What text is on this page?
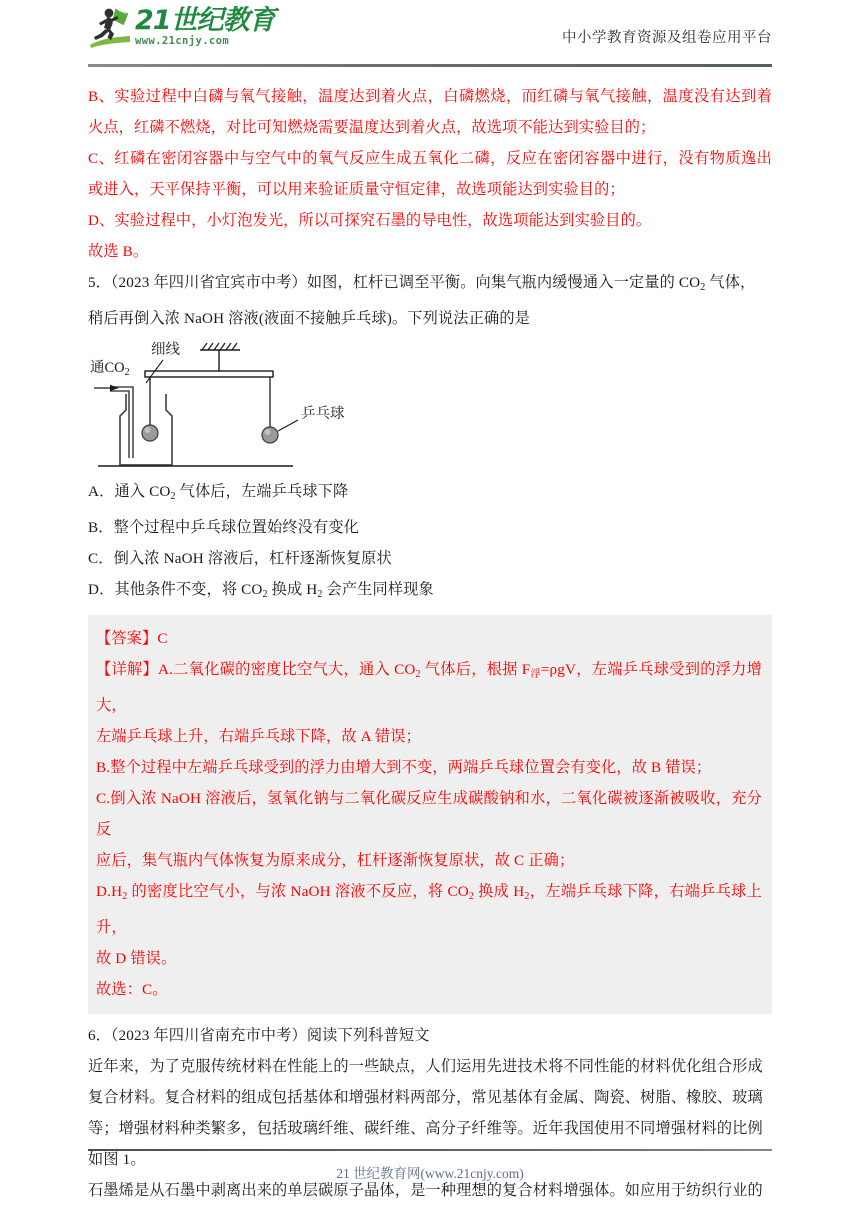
21世纪教育
www.21cnjy.com	中小学教育资源及组卷应用平台

B、实验过程中白磷与氧气接触，温度达到着火点，白磷燃烧，而红磷与氧气接触，温度没有达到着火点，红磷不燃烧，对比可知燃烧需要温度达到着火点，故选项不能达到实验目的；

C、红磷在密闭容器中与空气中的氧气反应生成五氧化二磷，反应在密闭容器中进行，没有物质逸出或进入，天平保持平衡，可以用来验证质量守恒定律，故选项能达到实验目的；

D、实验过程中，小灯泡发光，所以可探究石墨的导电性，故选项能达到实验目的。

故选 B。

5．（2023 年四川省宜宾市中考）如图，杠杆已调至平衡。向集气瓶内缓慢通入一定量的 $CO_2$ 气体，

稍后再倒入浓 NaOH 溶液(液面不接触乒乓球)。下列说法正确的是

通$CO_2$
细线
乒乓球

A．通入 $CO_2$ 气体后，左端乒乓球下降

B．整个过程中乒乓球位置始终没有变化

C．倒入浓 NaOH 溶液后，杠杆逐渐恢复原状

D．其他条件不变，将 $CO_2$ 换成 $H_2$ 会产生同样现象

【答案】C

【详解】A.二氧化碳的密度比空气大，通入 $CO_2$ 气体后，根据 $F_浮=\rho gV$，左端乒乓球受到的浮力增大，

左端乒乓球上升，右端乒乓球下降，故 A 错误；

B.整个过程中左端乒乓球受到的浮力由增大到不变，两端乒乓球位置会有变化，故 B 错误；

C.倒入浓 NaOH 溶液后，氢氧化钠与二氧化碳反应生成碳酸钠和水，二氧化碳被逐渐被吸收，充分反

应后，集气瓶内气体恢复为原来成分，杠杆逐渐恢复原状，故 C 正确；

$D.H_2$ 的密度比空气小，与浓 NaOH 溶液不反应，将 $CO_2$ 换成 $H_2$，左端乒乓球下降，右端乒乓球上升，

故 D 错误。

故选：C。

6．（2023 年四川省南充市中考）阅读下列科普短文

近年来，为了克服传统材料在性能上的一些缺点，人们运用先进技术将不同性能的材料优化组合形成

复合材料。复合材料的组成包括基体和增强材料两部分，常见基体有金属、陶瓷、树脂、橡胶、玻璃

等；增强材料种类繁多，包括玻璃纤维、碳纤维、高分子纤维等。近年我国使用不同增强材料的比例

如图 1。

石墨烯是从石墨中剥离出来的单层碳原子晶体，是一种理想的复合材料增强体。如应用于纺织行业的

21 世纪教育网(www.21cnjy.com)
